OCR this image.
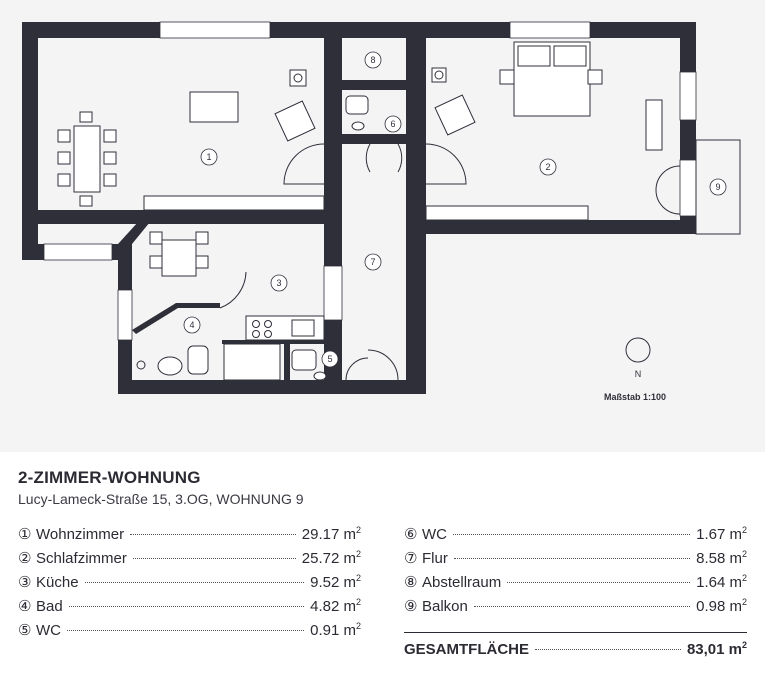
1
2
3
4
5
6
7
8
9
N
Maßstab 1:100
2-ZIMMER-WOHNUNG
Lucy-Lameck-Straße 15, 3.OG, WOHNUNG 9
① Wohnzimmer	29.17 $m^2$
② Schlafzimmer	25.72 $m^2$
③ Küche	9.52 $m^2$
④ Bad	4.82 $m^2$
⑤ WC	0.91 $m^2$
⑥ WC	1.67 $m^2$
⑦ Flur	8.58 $m^2$
⑧ Abstellraum	1.64 $m^2$
⑨ Balkon	0.98 $m^2$
GESAMTFLÄCHE	83,01 $m^2$
